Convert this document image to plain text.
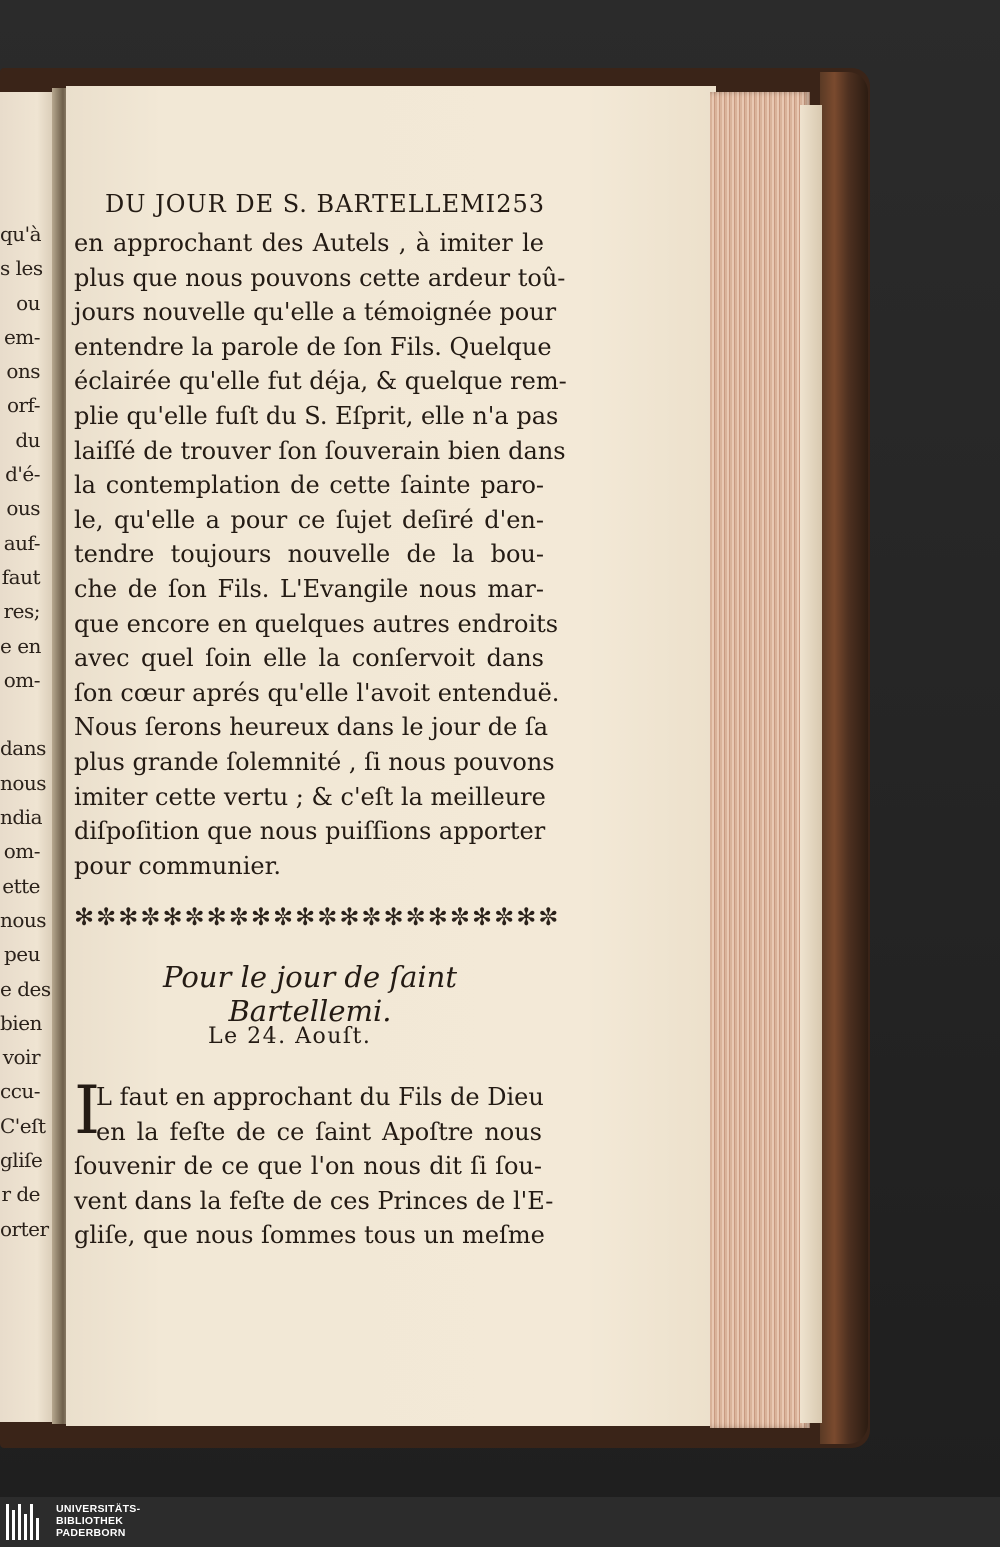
qu'à
s les
ou
em-
ons
orf-
du
d'é-
ous
auf-
faut
res;
e en
om-
dans
nous
ndia
om-
ette
nous
peu
e des
bien
voir
ccu-
C'eſt
gliſe
r de
orter
DU JOUR DE S. BARTELLEMI.
253
en approchant des Autels , à imiter le
plus que nous pouvons cette ardeur toû-
jours nouvelle qu'elle a témoignée pour
entendre la parole de ſon Fils. Quelque
éclairée qu'elle fut déja, & quelque rem-
plie qu'elle fuſt du S. Eſprit, elle n'a pas
laiſſé de trouver ſon ſouverain bien dans
la contemplation de cette ſainte paro-
le, qu'elle a pour ce ſujet deſiré d'en-
tendre toujours nouvelle de la bou-
che de ſon Fils. L'Evangile nous mar-
que encore en quelques autres endroits
avec quel ſoin elle la conſervoit dans
ſon cœur aprés qu'elle l'avoit entenduë.
Nous ſerons heureux dans le jour de ſa
plus grande ſolemnité , ſi nous pouvons
imiter cette vertu ; & c'eſt la meilleure
diſpoſition que nous puiſſions apporter
pour communier.
✻✼✻✼✻✼✻✼✻✼✻✼✻✼✻✼✻✼✻✼✻✼
Pour le jour de ſaint Bartellemi.
Le 24. Aouſt.
I
L faut en approchant du Fils de Dieu
en la feſte de ce ſaint Apoſtre nous
ſouvenir de ce que l'on nous dit ſi ſou-
vent dans la feſte de ces Princes de l'E-
gliſe, que nous ſommes tous un meſme
UNIVERSITÄTS-
BIBLIOTHEK
PADERBORN
